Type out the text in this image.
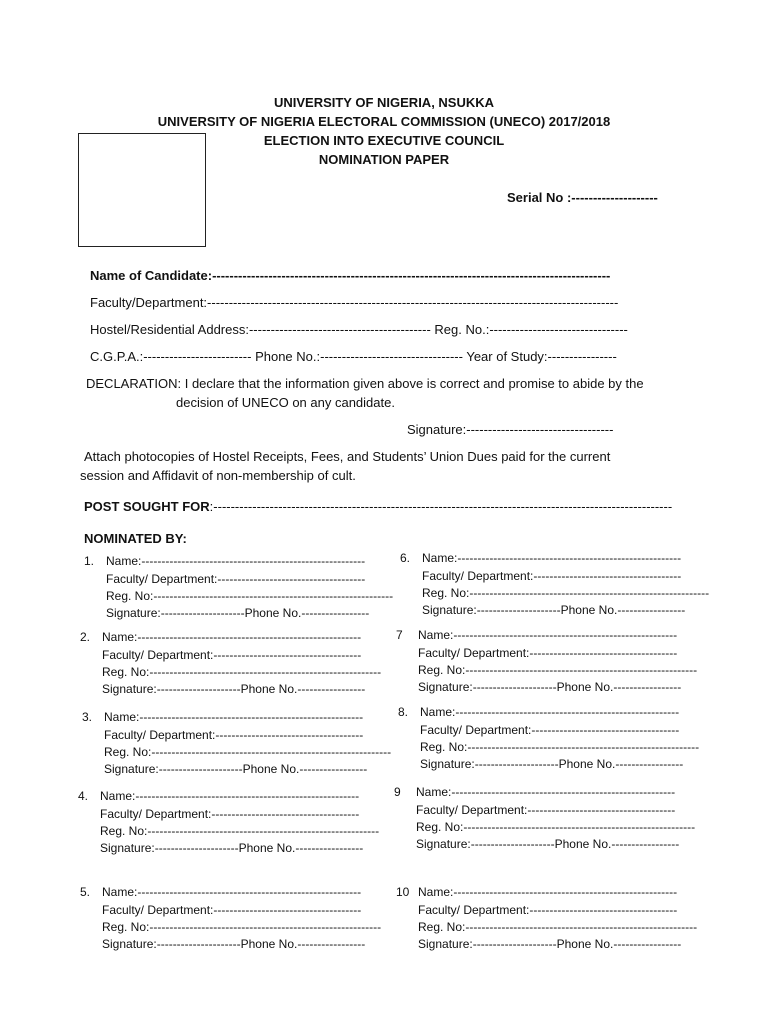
UNIVERSITY OF NIGERIA, NSUKKA
UNIVERSITY OF NIGERIA ELECTORAL COMMISSION (UNECO) 2017/2018
ELECTION INTO EXECUTIVE COUNCIL
NOMINATION PAPER
Serial No :--------------------
Name of Candidate:--------------------------------------------------------------------------------------------
Faculty/Department:-----------------------------------------------------------------------------------------------
Hostel/Residential Address:------------------------------------------ Reg. No.:--------------------------------
C.G.P.A.:------------------------- Phone No.:--------------------------------- Year of Study:----------------
DECLARATION: I declare that the information given above is correct and promise to abide by the
decision of UNECO on any candidate.
Signature:----------------------------------
Attach photocopies of Hostel Receipts, Fees, and Students’ Union Dues paid for the current
session and Affidavit of non-membership of cult.
POST SOUGHT FOR:----------------------------------------------------------------------------------------------------------
NOMINATED BY:
1. Name:--------------------------------------------------------
Faculty/ Department:-------------------------------------
Reg. No:------------------------------------------------------------
Signature:---------------------Phone No.-----------------
2. Name:--------------------------------------------------------
Faculty/ Department:-------------------------------------
Reg. No:----------------------------------------------------------
Signature:---------------------Phone No.-----------------
3. Name:--------------------------------------------------------
Faculty/ Department:-------------------------------------
Reg. No:------------------------------------------------------------
Signature:---------------------Phone No.-----------------
4. Name:--------------------------------------------------------
Faculty/ Department:-------------------------------------
Reg. No:----------------------------------------------------------
Signature:---------------------Phone No.-----------------
5. Name:--------------------------------------------------------
Faculty/ Department:-------------------------------------
Reg. No:----------------------------------------------------------
Signature:---------------------Phone No.-----------------
6. Name:--------------------------------------------------------
Faculty/ Department:-------------------------------------
Reg. No:------------------------------------------------------------
Signature:---------------------Phone No.-----------------
7 Name:--------------------------------------------------------
Faculty/ Department:-------------------------------------
Reg. No:----------------------------------------------------------
Signature:---------------------Phone No.-----------------
8. Name:--------------------------------------------------------
Faculty/ Department:-------------------------------------
Reg. No:----------------------------------------------------------
Signature:---------------------Phone No.-----------------
9 Name:--------------------------------------------------------
Faculty/ Department:-------------------------------------
Reg. No:----------------------------------------------------------
Signature:---------------------Phone No.-----------------
10 Name:--------------------------------------------------------
Faculty/ Department:-------------------------------------
Reg. No:----------------------------------------------------------
Signature:---------------------Phone No.-----------------
